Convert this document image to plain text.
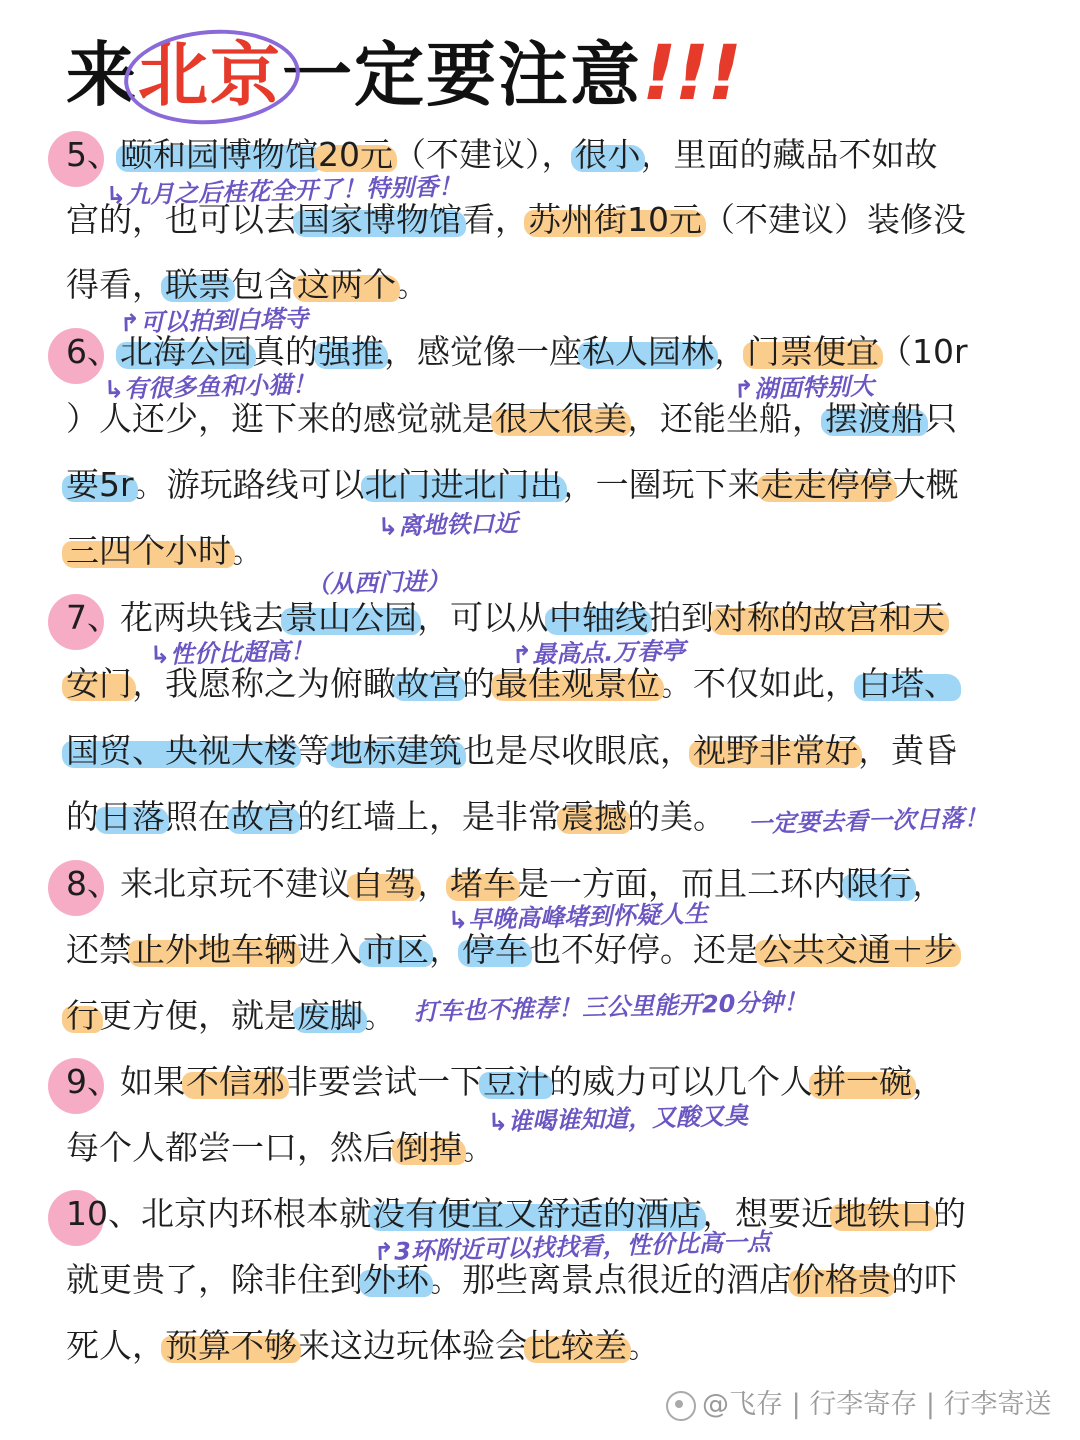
来北京一定要注意!!!
5、颐和园博物馆20元（不建议），很小，里面的藏品不如故
宫的，也可以去国家博物馆看，苏州街10元（不建议）装修没
得看，联票包含这两个。
6、北海公园真的强推，感觉像一座私人园林，门票便宜（10r
）人还少，逛下来的感觉就是很大很美，还能坐船，摆渡船只
要5r。游玩路线可以北门进北门出，一圈玩下来走走停停大概
三四个小时。
7、花两块钱去景山公园，可以从中轴线拍到对称的故宫和天
安门，我愿称之为俯瞰故宫的最佳观景位。不仅如此，白塔、
国贸、央视大楼等地标建筑也是尽收眼底，视野非常好，黄昏
的日落照在故宫的红墙上，是非常震撼的美。
8、来北京玩不建议自驾，堵车是一方面，而且二环内限行，
还禁止外地车辆进入市区，停车也不好停。还是公共交通＋步
行更方便，就是废脚。
9、如果不信邪非要尝试一下豆汁的威力可以几个人拼一碗，
每个人都尝一口，然后倒掉。
10、北京内环根本就没有便宜又舒适的酒店，想要近地铁口的
就更贵了，除非住到外环。那些离景点很近的酒店价格贵的吓
死人，预算不够来这边玩体验会比较差。
↳九月之后桂花全开了！特别香！
↱可以拍到白塔寺
↳有很多鱼和小猫！	↱湖面特别大
↳离地铁口近
（从西门进）
↳性价比超高！	↱最高点.万春亭
一定要去看一次日落！
↳早晚高峰堵到怀疑人生
打车也不推荐！三公里能开20分钟！
↳谁喝谁知道，又酸又臭
↱3环附近可以找找看，性价比高一点
@飞存 | 行李寄存 | 行李寄送
